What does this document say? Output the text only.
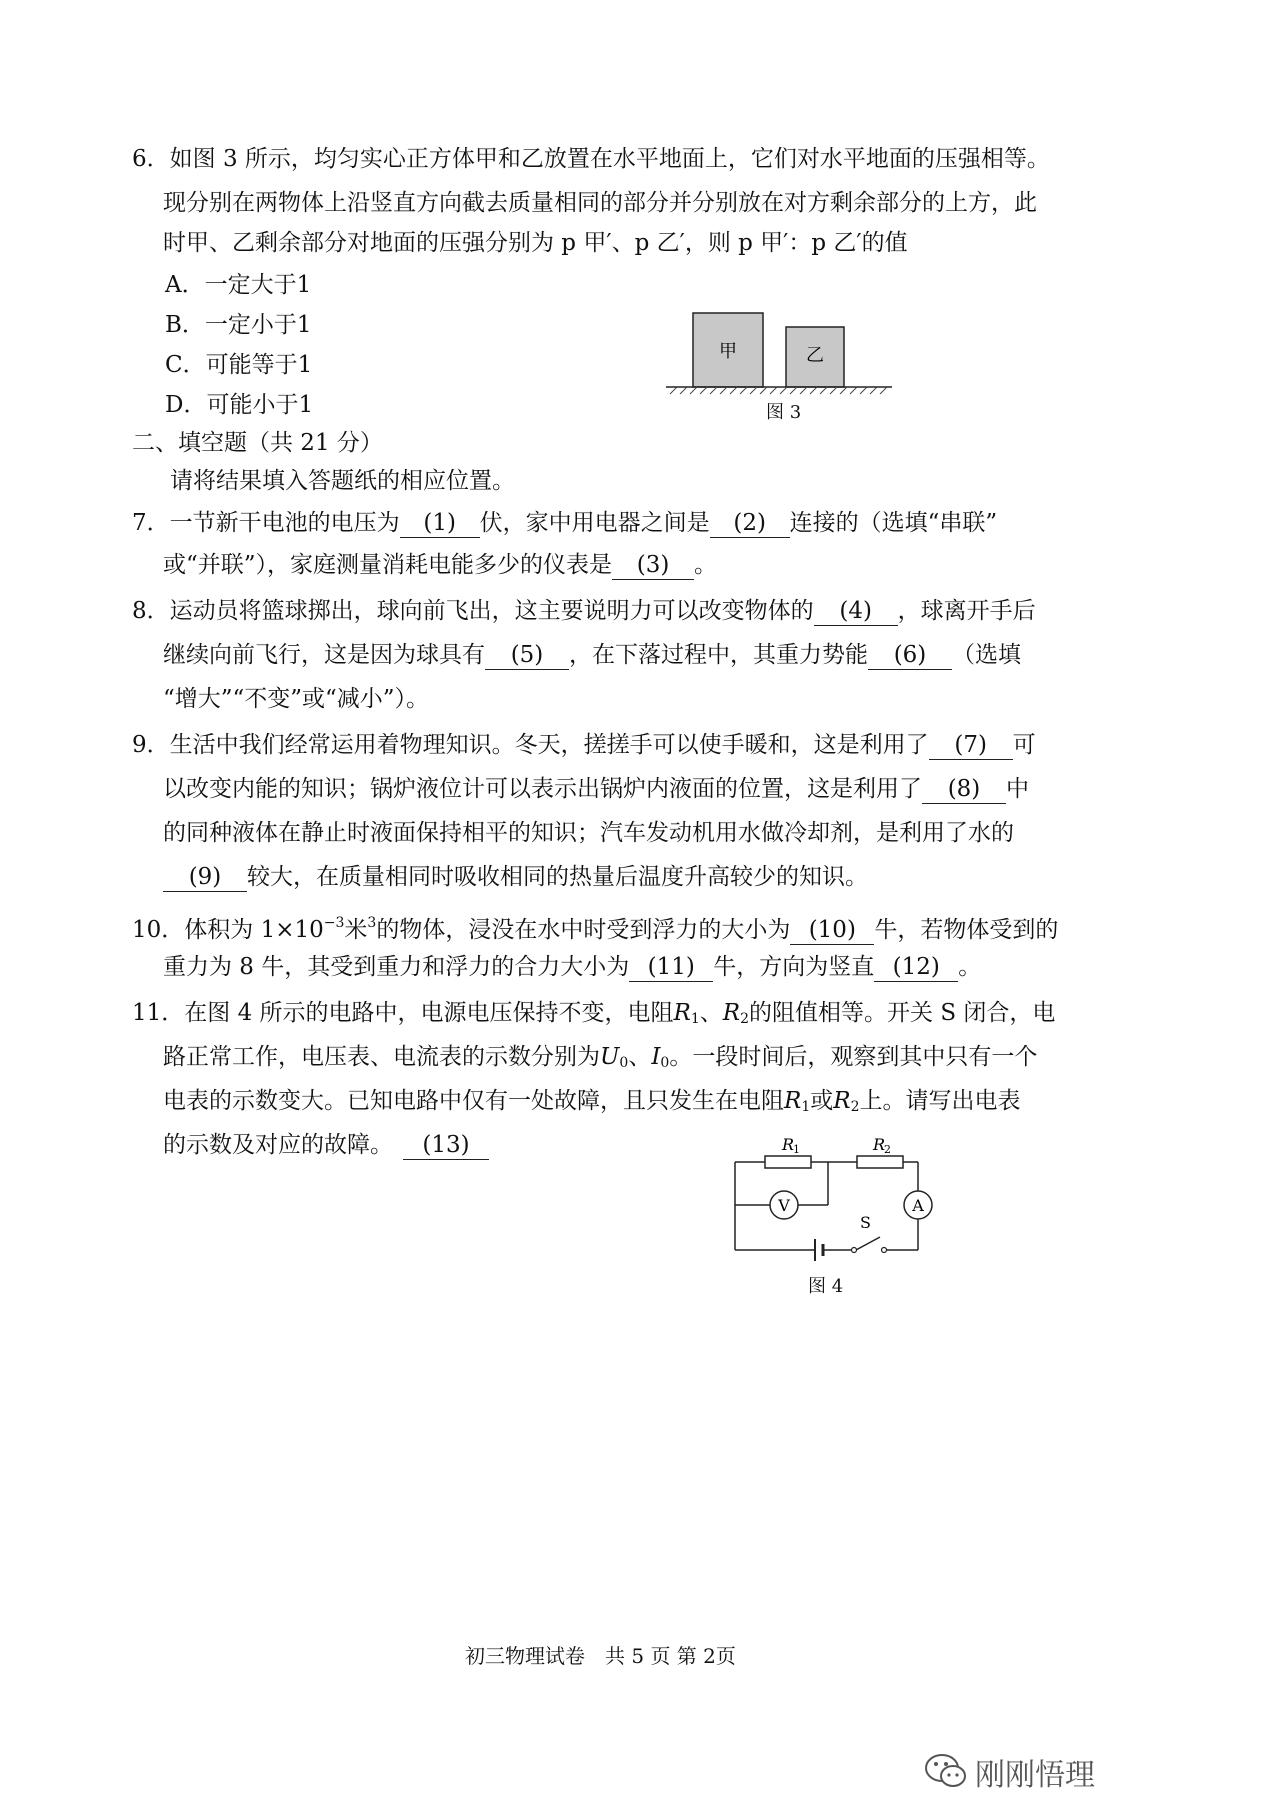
6．如图 3 所示，均匀实心正方体甲和乙放置在水平地面上，它们对水平地面的压强相等。
现分别在两物体上沿竖直方向截去质量相同的部分并分别放在对方剩余部分的上方，此
时甲、乙剩余部分对地面的压强分别为 p 甲′、p 乙′，则 p 甲′：p 乙′的值
A．一定大于1
B．一定小于1
C．可能等于1
D．可能小于1
甲	乙
图 3
二、填空题（共 21 分）
请将结果填入答题纸的相应位置。
7．一节新干电池的电压为 (1) 伏，家中用电器之间是 (2) 连接的（选填“串联”
或“并联”），家庭测量消耗电能多少的仪表是 (3) 。
8．运动员将篮球掷出，球向前飞出，这主要说明力可以改变物体的 (4) ，球离开手后
继续向前飞行，这是因为球具有 (5) ，在下落过程中，其重力势能 (6) （选填
“增大”“不变”或“减小”）。
9．生活中我们经常运用着物理知识。冬天，搓搓手可以使手暖和，这是利用了 (7) 可
以改变内能的知识；锅炉液位计可以表示出锅炉内液面的位置，这是利用了 (8) 中
的同种液体在静止时液面保持相平的知识；汽车发动机用水做冷却剂，是利用了水的
(9) 较大，在质量相同时吸收相同的热量后温度升高较少的知识。
10．体积为 $1\times 10^{-3}$米$^3$的物体，浸没在水中时受到浮力的大小为 (10) 牛，若物体受到的
重力为 8 牛，其受到重力和浮力的合力大小为 (11) 牛，方向为竖直 (12) 。
11．在图 4 所示的电路中，电源电压保持不变，电阻$R_1$、$R_2$的阻值相等。开关 S 闭合，电
路正常工作，电压表、电流表的示数分别为$U_0$、$I_0$。一段时间后，观察到其中只有一个
电表的示数变大。已知电路中仅有一处故障，且只发生在电阻$R_1$或$R_2$上。请写出电表
的示数及对应的故障。 (13)	R
1	R
2
V	A
S
图 4
初三物理试卷　共 5 页 第 2页
刚刚悟理
